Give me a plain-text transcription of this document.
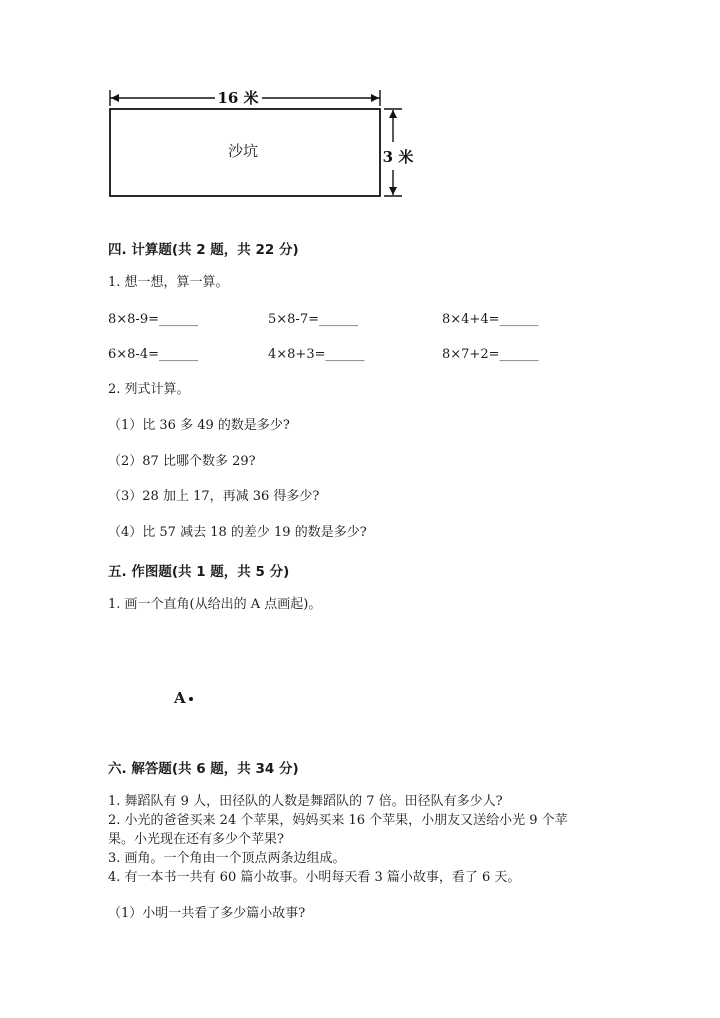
16 米
沙坑	3 米
四. 计算题(共 2 题，共 22 分)
1. 想一想，算一算。
8×8-9=______	5×8-7=______	8×4+4=______
6×8-4=______	4×8+3=______	8×7+2=______
2. 列式计算。
（1）比 36 多 49 的数是多少?
（2）87 比哪个数多 29?
（3）28 加上 17，再减 36 得多少?
（4）比 57 减去 18 的差少 19 的数是多少?
五. 作图题(共 1 题，共 5 分)
1. 画一个直角(从给出的 A 点画起)。
A
六. 解答题(共 6 题，共 34 分)
1. 舞蹈队有 9 人，田径队的人数是舞蹈队的 7 倍。田径队有多少人?
2. 小光的爸爸买来 24 个苹果，妈妈买来 16 个苹果，小朋友又送给小光 9 个苹
果。小光现在还有多少个苹果?
3. 画角。一个角由一个顶点两条边组成。
4. 有一本书一共有 60 篇小故事。小明每天看 3 篇小故事，看了 6 天。
（1）小明一共看了多少篇小故事?
